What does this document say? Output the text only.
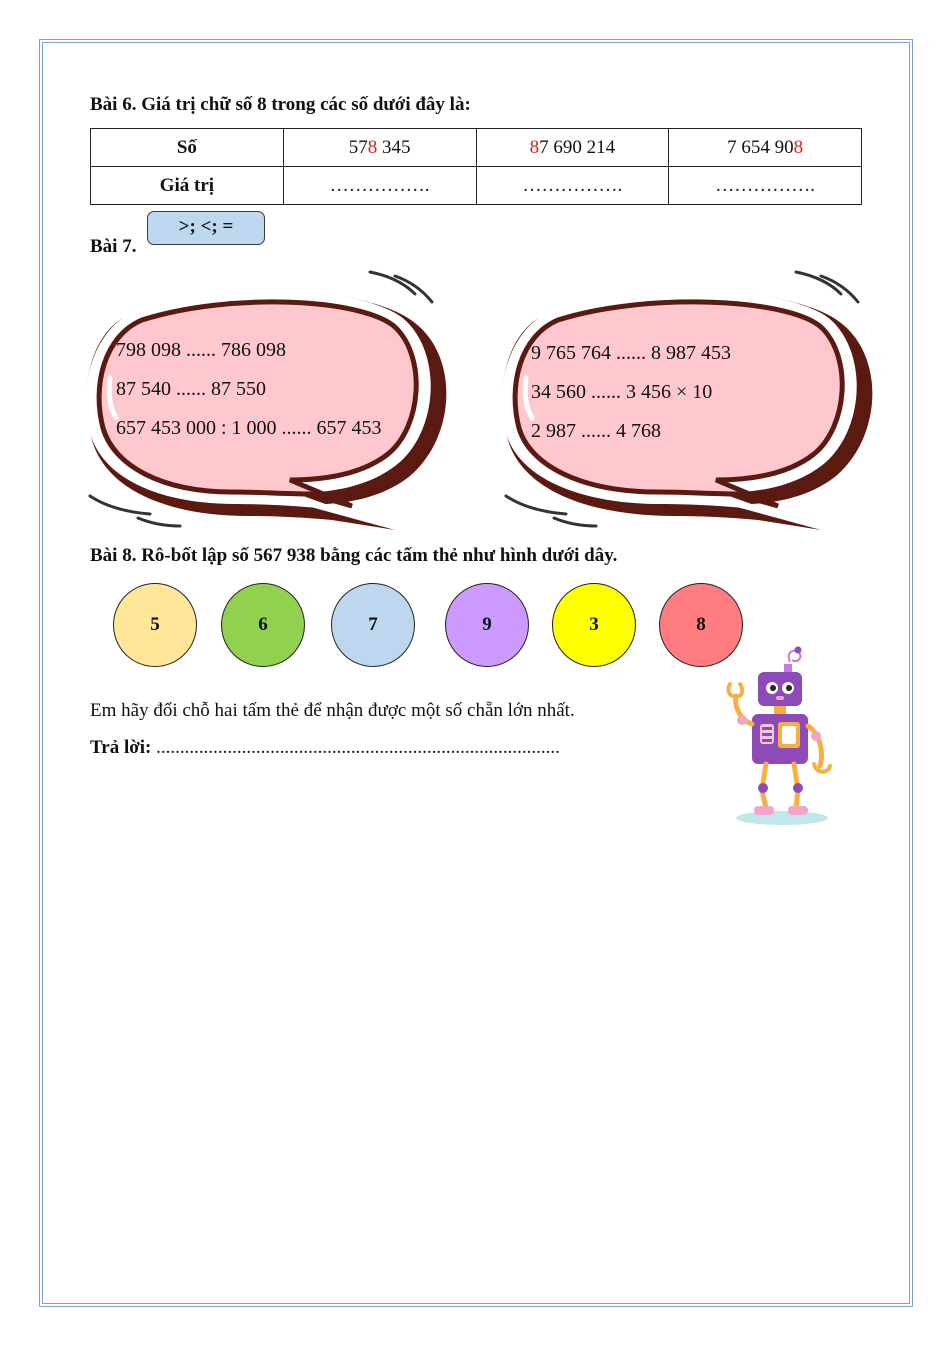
Bài 6. Giá trị chữ số 8 trong các số dưới đây là:
Số	578 345	87 690 214	7 654 908
Giá trị	…………….	…………….	…………….
Bài 7.
>; <; =
798 098 ...... 786 098
87 540 ...... 87 550
657 453 000 : 1 000 ...... 657 453
9 765 764 ...... 8 987 453
34 560 ...... 3 456 × 10
2 987 ...... 4 768
Bài 8. Rô-bốt lập số 567 938 bằng các tấm thẻ như hình dưới dây.
5	6	7	9	3	8
Em hãy đổi chỗ hai tấm thẻ để nhận được một số chẵn lớn nhất.
Trả lời: .....................................................................................
